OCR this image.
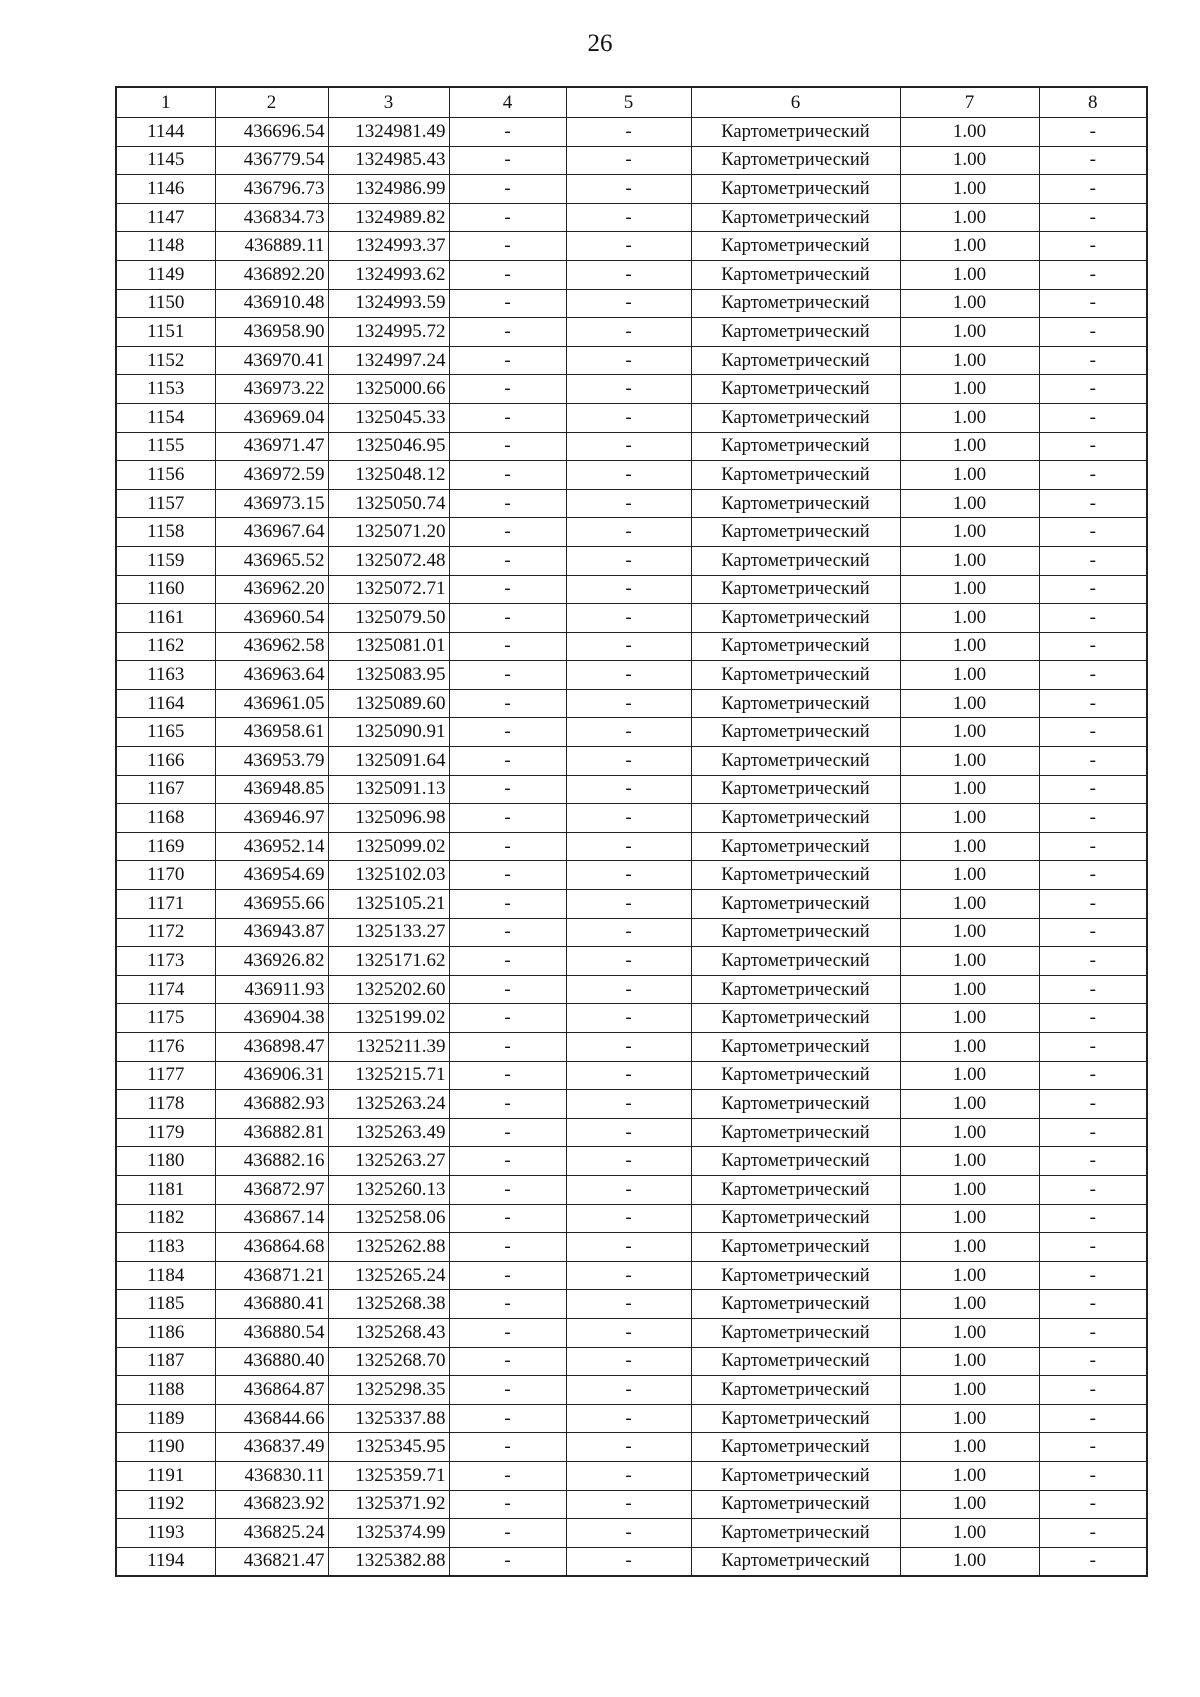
26
1	2	3	4	5	6	7	8
1144	436696.54	1324981.49	-	-	Картометрический	1.00	-
1145	436779.54	1324985.43	-	-	Картометрический	1.00	-
1146	436796.73	1324986.99	-	-	Картометрический	1.00	-
1147	436834.73	1324989.82	-	-	Картометрический	1.00	-
1148	436889.11	1324993.37	-	-	Картометрический	1.00	-
1149	436892.20	1324993.62	-	-	Картометрический	1.00	-
1150	436910.48	1324993.59	-	-	Картометрический	1.00	-
1151	436958.90	1324995.72	-	-	Картометрический	1.00	-
1152	436970.41	1324997.24	-	-	Картометрический	1.00	-
1153	436973.22	1325000.66	-	-	Картометрический	1.00	-
1154	436969.04	1325045.33	-	-	Картометрический	1.00	-
1155	436971.47	1325046.95	-	-	Картометрический	1.00	-
1156	436972.59	1325048.12	-	-	Картометрический	1.00	-
1157	436973.15	1325050.74	-	-	Картометрический	1.00	-
1158	436967.64	1325071.20	-	-	Картометрический	1.00	-
1159	436965.52	1325072.48	-	-	Картометрический	1.00	-
1160	436962.20	1325072.71	-	-	Картометрический	1.00	-
1161	436960.54	1325079.50	-	-	Картометрический	1.00	-
1162	436962.58	1325081.01	-	-	Картометрический	1.00	-
1163	436963.64	1325083.95	-	-	Картометрический	1.00	-
1164	436961.05	1325089.60	-	-	Картометрический	1.00	-
1165	436958.61	1325090.91	-	-	Картометрический	1.00	-
1166	436953.79	1325091.64	-	-	Картометрический	1.00	-
1167	436948.85	1325091.13	-	-	Картометрический	1.00	-
1168	436946.97	1325096.98	-	-	Картометрический	1.00	-
1169	436952.14	1325099.02	-	-	Картометрический	1.00	-
1170	436954.69	1325102.03	-	-	Картометрический	1.00	-
1171	436955.66	1325105.21	-	-	Картометрический	1.00	-
1172	436943.87	1325133.27	-	-	Картометрический	1.00	-
1173	436926.82	1325171.62	-	-	Картометрический	1.00	-
1174	436911.93	1325202.60	-	-	Картометрический	1.00	-
1175	436904.38	1325199.02	-	-	Картометрический	1.00	-
1176	436898.47	1325211.39	-	-	Картометрический	1.00	-
1177	436906.31	1325215.71	-	-	Картометрический	1.00	-
1178	436882.93	1325263.24	-	-	Картометрический	1.00	-
1179	436882.81	1325263.49	-	-	Картометрический	1.00	-
1180	436882.16	1325263.27	-	-	Картометрический	1.00	-
1181	436872.97	1325260.13	-	-	Картометрический	1.00	-
1182	436867.14	1325258.06	-	-	Картометрический	1.00	-
1183	436864.68	1325262.88	-	-	Картометрический	1.00	-
1184	436871.21	1325265.24	-	-	Картометрический	1.00	-
1185	436880.41	1325268.38	-	-	Картометрический	1.00	-
1186	436880.54	1325268.43	-	-	Картометрический	1.00	-
1187	436880.40	1325268.70	-	-	Картометрический	1.00	-
1188	436864.87	1325298.35	-	-	Картометрический	1.00	-
1189	436844.66	1325337.88	-	-	Картометрический	1.00	-
1190	436837.49	1325345.95	-	-	Картометрический	1.00	-
1191	436830.11	1325359.71	-	-	Картометрический	1.00	-
1192	436823.92	1325371.92	-	-	Картометрический	1.00	-
1193	436825.24	1325374.99	-	-	Картометрический	1.00	-
1194	436821.47	1325382.88	-	-	Картометрический	1.00	-
